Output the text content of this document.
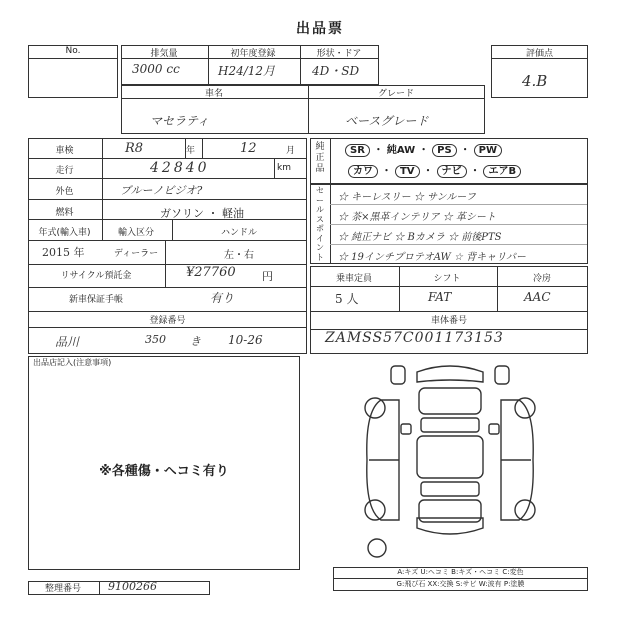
出品票
No.	排気量	初年度登録	形状・ドア
3000 cc	H24/12月	4D・SD
評価点
4.B
車名	グレード
マセラティ	ベースグレード
車検	R8	年	12	月
走行	42840	km
外色	ブルーノビジオ?
燃料	ガソリン ・ 軽油
年式(輸入車)	輸入区分	ハンドル
2015 年	ディーラー	左・右
リサイクル預託金	¥27760 円
新車保証手帳	有り
登録番号
品川	350 き 10-26
純
正
品
SR ・ 純AW ・ PS ・ PW
カワ ・ TV ・ ナビ ・ エアB
セ
ー
ル
ス
ポ
イ
ン
ト
☆ キーレスリー ☆ サンルーフ
☆ 茶×黒革インテリア ☆ 革シート
☆ 純正ナビ ☆ Bカメラ ☆ 前後PTS
☆ 19インチプロテオAW ☆ 背キャリパー
乗車定員	シフト	冷房
5 人	FAT	AAC
車体番号
ZAMSS57C001173153
出品店記入(注意事項)
※各種傷・ヘコミ有り
A:キズ U:ヘコミ B:キズ・ヘコミ C:変色
G:飛び石 XX:交換 S:サビ W:波有 P:塗膜
整理番号	9100266
